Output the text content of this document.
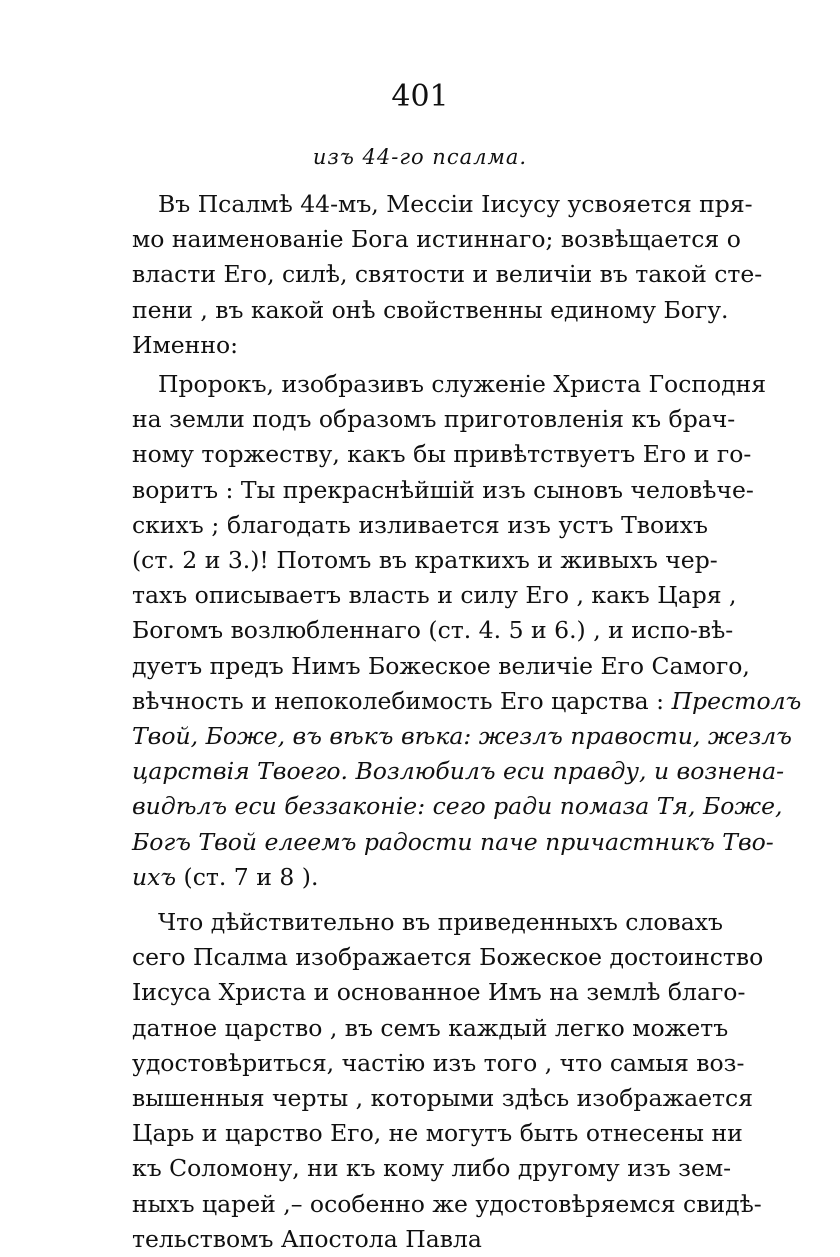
401
изъ 44-го псалма.
Въ Псалмѣ 44-мъ, Мессіи Іисусу усвояется пря-
мо наименованіе Бога истиннаго; возвѣщается о
власти Его, силѣ, святости и величіи въ такой сте-
пени , въ какой онѣ свойственны единому Богу.
Именно:
Пророкъ, изобразивъ служеніе Христа Господня
на земли подъ образомъ приготовленія къ брач-
ному торжеству, какъ бы привѣтствуетъ Его и го-
воритъ : Ты прекраснѣйшій изъ сыновъ человѣче-
скихъ ; благодать изливается изъ устъ Твоихъ
(ст. 2 и 3.)! Потомъ въ краткихъ и живыхъ чер-
тахъ описываетъ власть и силу Его , какъ Царя ,
Богомъ возлюбленнаго (ст. 4. 5 и 6.) , и испо-вѣ-
дуетъ предъ Нимъ Божеское величіе Его Самого,
вѣчность и непоколебимость Его царства : Престолъ
Твой, Боже, въ вѣкъ вѣка: жезлъ правости, жезлъ
царствія Твоего. Возлюбилъ еси правду, и вознена-
видѣлъ еси беззаконіе: сего ради помаза Тя, Боже,
Богъ Твой елеемъ радости паче причастникъ Тво-
ихъ (ст. 7 и 8 ).
Что дѣйствительно въ приведенныхъ словахъ
сего Псалма изображается Божеское достоинство
Іисуса Христа и основанное Имъ на землѣ благо-
датное царство , въ семъ каждый легко можетъ
удостовѣриться, частію изъ того , что самыя воз-
вышенныя черты , которыми здѣсь изображается
Царь и царство Его, не могутъ быть отнесены ни
къ Соломону, ни къ кому либо другому изъ зем-
ныхъ царей ,– особенно же удостовѣряемся свидѣ-
тельствомъ Апостола Павла
